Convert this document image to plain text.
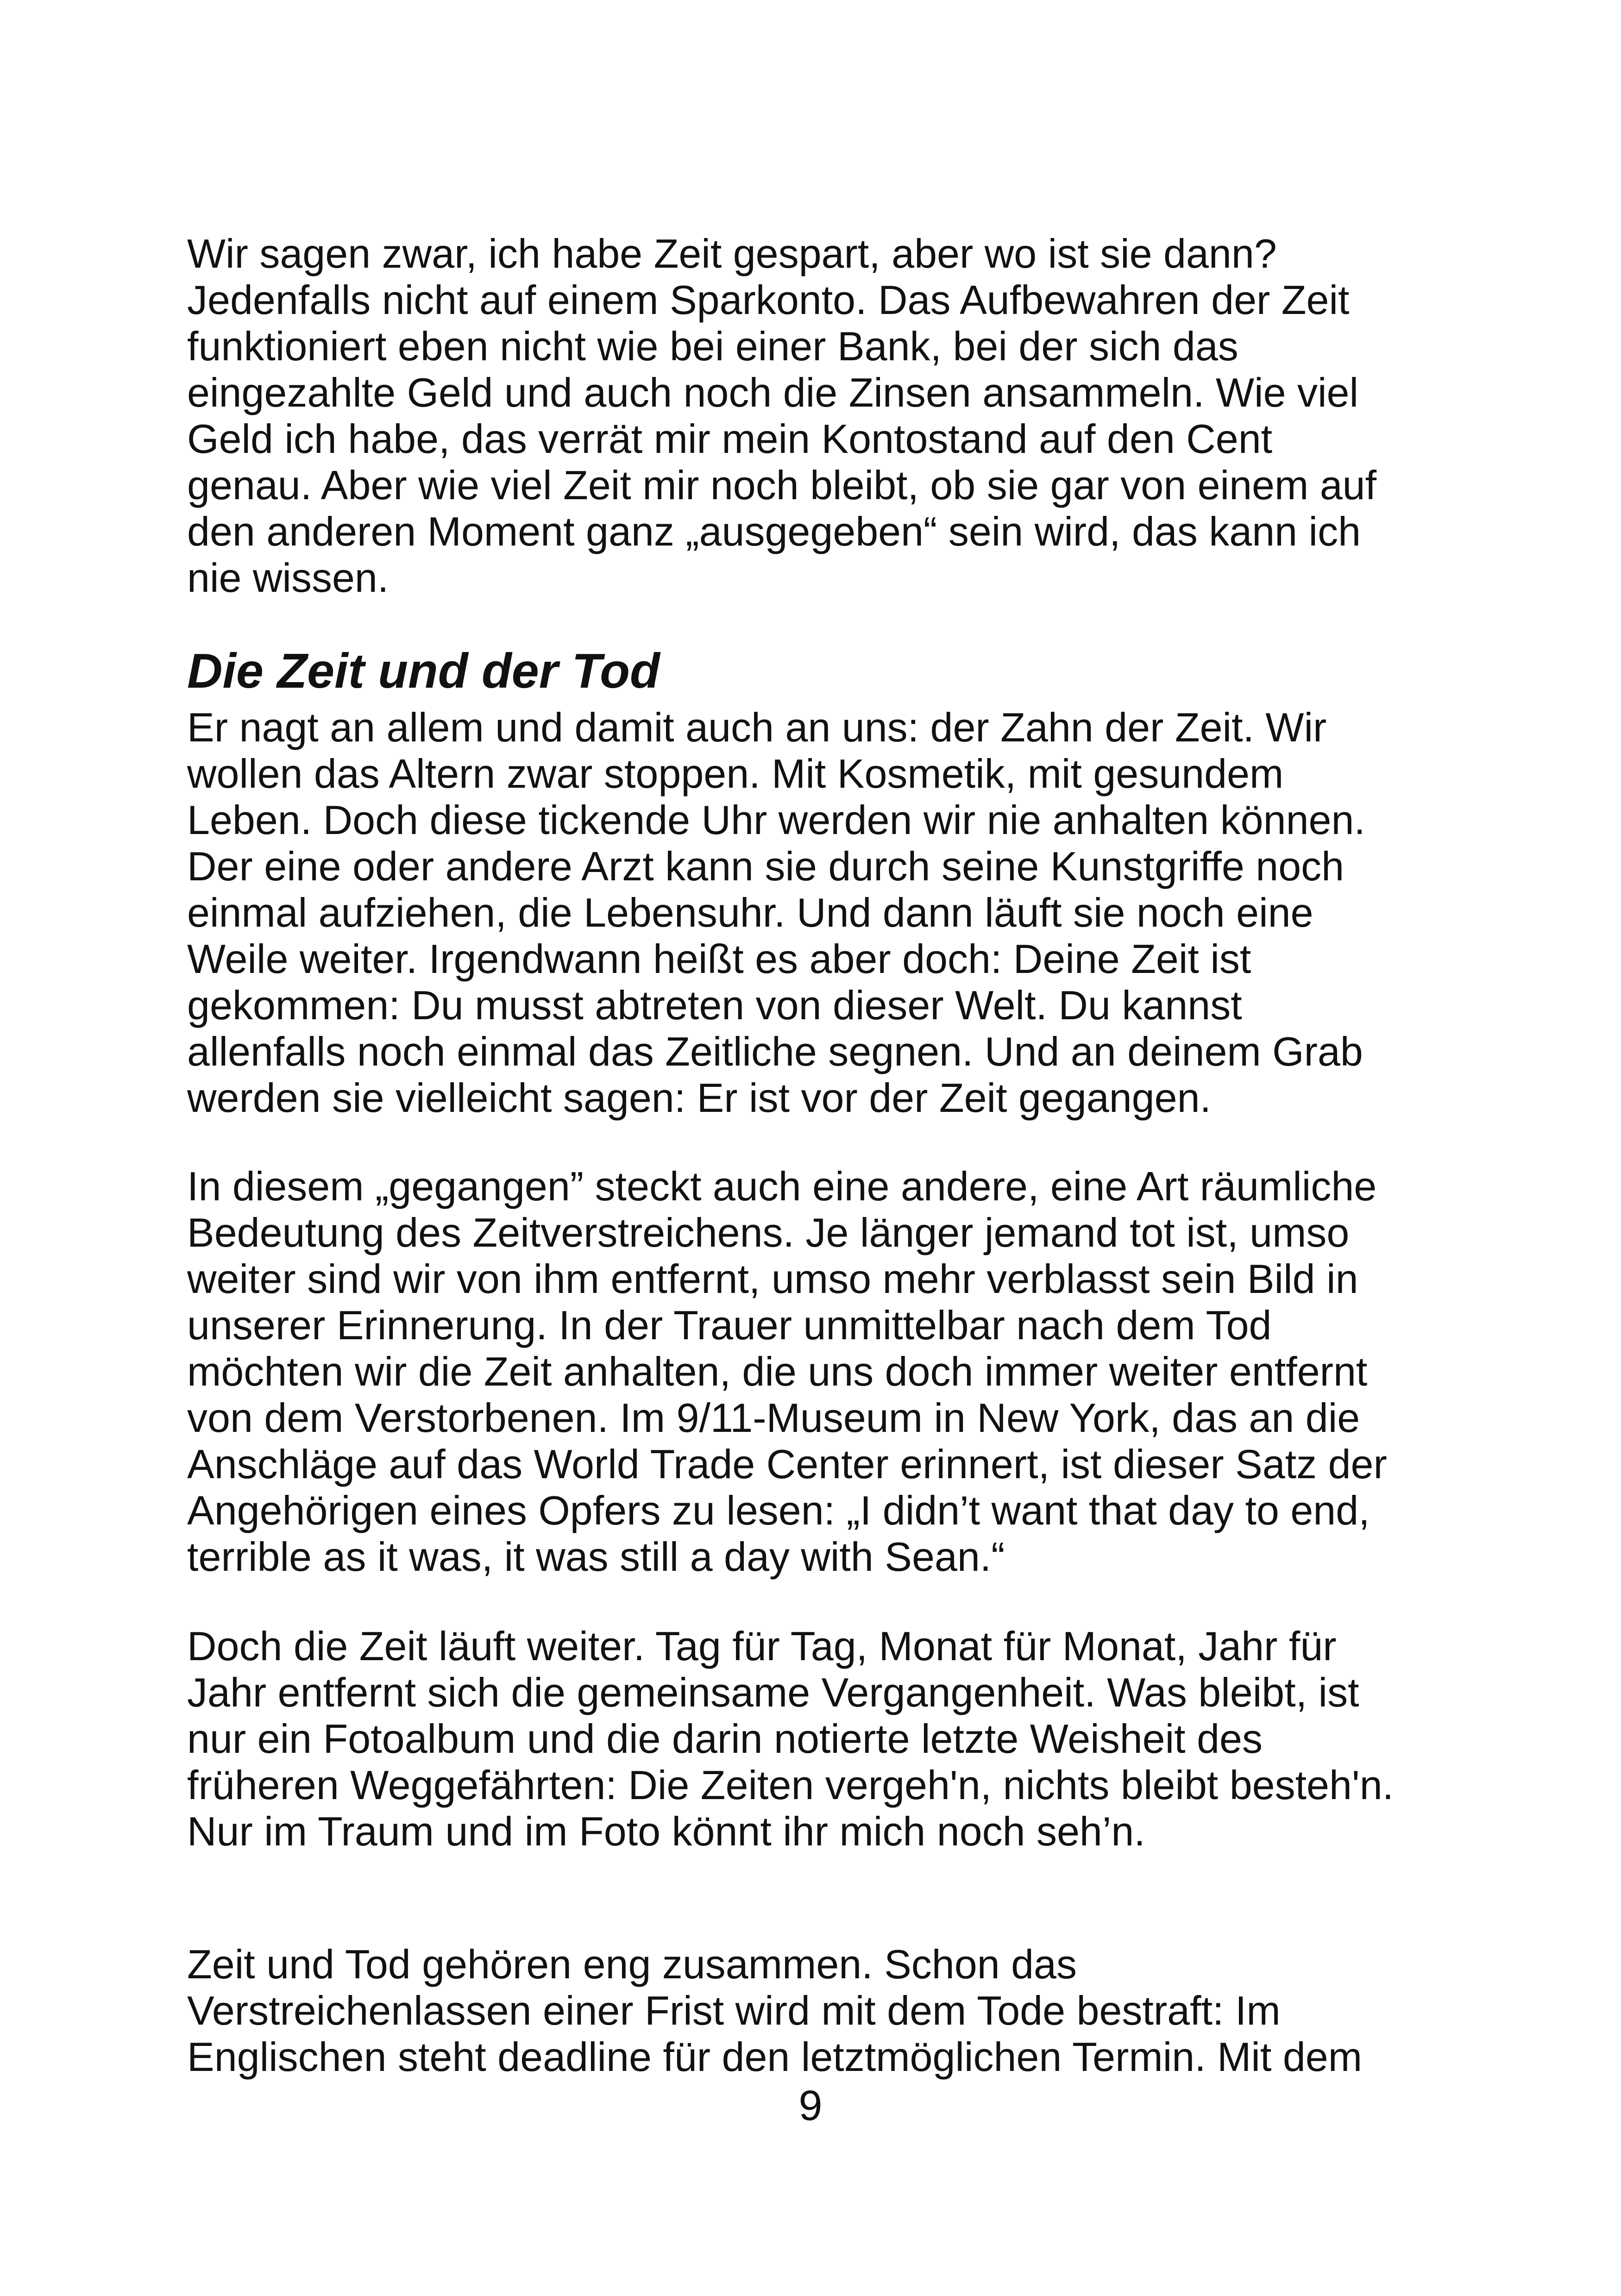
Wir sagen zwar, ich habe Zeit gespart, aber wo ist sie dann?
Jedenfalls nicht auf einem Sparkonto. Das Aufbewahren der Zeit
funktioniert eben nicht wie bei einer Bank, bei der sich das
eingezahlte Geld und auch noch die Zinsen ansammeln. Wie viel
Geld ich habe, das verrät mir mein Kontostand auf den Cent
genau. Aber wie viel Zeit mir noch bleibt, ob sie gar von einem auf
den anderen Moment ganz „ausgegeben“ sein wird, das kann ich
nie wissen.
Die Zeit und der Tod
Er nagt an allem und damit auch an uns: der Zahn der Zeit. Wir
wollen das Altern zwar stoppen. Mit Kosmetik, mit gesundem
Leben. Doch diese tickende Uhr werden wir nie anhalten können.
Der eine oder andere Arzt kann sie durch seine Kunstgriffe noch
einmal aufziehen, die Lebensuhr. Und dann läuft sie noch eine
Weile weiter. Irgendwann heißt es aber doch: Deine Zeit ist
gekommen: Du musst abtreten von dieser Welt. Du kannst
allenfalls noch einmal das Zeitliche segnen. Und an deinem Grab
werden sie vielleicht sagen: Er ist vor der Zeit gegangen.
In diesem „gegangen” steckt auch eine andere, eine Art räumliche
Bedeutung des Zeitverstreichens. Je länger jemand tot ist, umso
weiter sind wir von ihm entfernt, umso mehr verblasst sein Bild in
unserer Erinnerung. In der Trauer unmittelbar nach dem Tod
möchten wir die Zeit anhalten, die uns doch immer weiter entfernt
von dem Verstorbenen. Im 9/11-Museum in New York, das an die
Anschläge auf das World Trade Center erinnert, ist dieser Satz der
Angehörigen eines Opfers zu lesen: „I didn’t want that day to end,
terrible as it was, it was still a day with Sean.“
Doch die Zeit läuft weiter. Tag für Tag, Monat für Monat, Jahr für
Jahr entfernt sich die gemeinsame Vergangenheit. Was bleibt, ist
nur ein Fotoalbum und die darin notierte letzte Weisheit des
früheren Weggefährten: Die Zeiten vergeh'n, nichts bleibt besteh'n.
Nur im Traum und im Foto könnt ihr mich noch seh’n.
Zeit und Tod gehören eng zusammen. Schon das
Verstreichenlassen einer Frist wird mit dem Tode bestraft: Im
Englischen steht deadline für den letztmöglichen Termin. Mit dem
9
